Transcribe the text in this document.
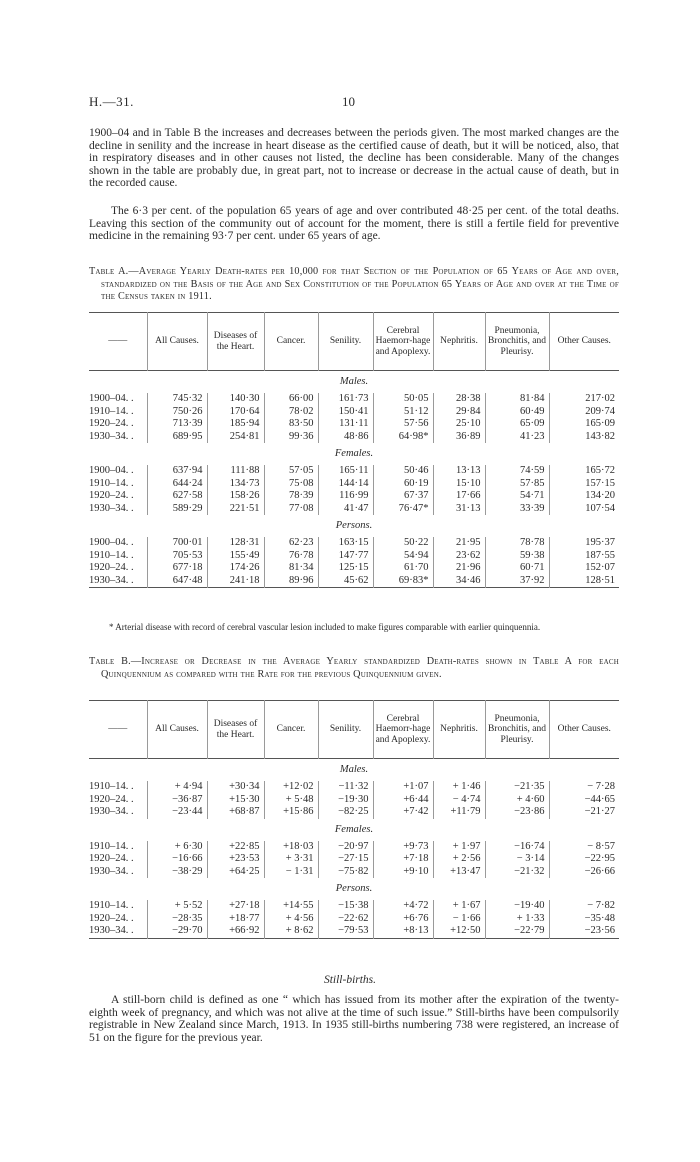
H.—31.	10

1900–04 and in Table B the increases and decreases between the periods given. The most marked changes are the decline in senility and the increase in heart disease as the certified cause of death, but it will be noticed, also, that in respiratory diseases and in other causes not listed, the decline has been considerable. Many of the changes shown in the table are probably due, in great part, not to increase or decrease in the actual cause of death, but in the recorded cause.

The 6·3 per cent. of the population 65 years of age and over contributed 48·25 per cent. of the total deaths. Leaving this section of the community out of account for the moment, there is still a fertile field for preventive medicine in the remaining 93·7 per cent. under 65 years of age.

Table A.—Average Yearly Death-rates per 10,000 for that Section of the Population of 65 Years of Age and over, standardized on the Basis of the Age and Sex Constitution of the Population 65 Years of Age and over at the Time of the Census taken in 1911.

——	All Causes.	Diseases of the Heart.	Cancer.	Senility.	Cerebral Haemorr-hage and Apoplexy.	Nephritis.	Pneumonia, Bronchitis, and Pleurisy.	Other Causes.
Males.								
1900–04. .	745·32	140·30	66·00	161·73	50·05	28·38	81·84	217·02
1910–14. .	750·26	170·64	78·02	150·41	51·12	29·84	60·49	209·74
1920–24. .	713·39	185·94	83·50	131·11	57·56	25·10	65·09	165·09
1930–34. .	689·95	254·81	99·36	48·86	64·98*	36·89	41·23	143·82
Females.								
1900–04. .	637·94	111·88	57·05	165·11	50·46	13·13	74·59	165·72
1910–14. .	644·24	134·73	75·08	144·14	60·19	15·10	57·85	157·15
1920–24. .	627·58	158·26	78·39	116·99	67·37	17·66	54·71	134·20
1930–34. .	589·29	221·51	77·08	41·47	76·47*	31·13	33·39	107·54
Persons.								
1900–04. .	700·01	128·31	62·23	163·15	50·22	21·95	78·78	195·37
1910–14. .	705·53	155·49	76·78	147·77	54·94	23·62	59·38	187·55
1920–24. .	677·18	174·26	81·34	125·15	61·70	21·96	60·71	152·07
1930–34. .	647·48	241·18	89·96	45·62	69·83*	34·46	37·92	128·51

* Arterial disease with record of cerebral vascular lesion included to make figures comparable with earlier quinquennia.

Table B.—Increase or Decrease in the Average Yearly standardized Death-rates shown in Table A for each Quinquennium as compared with the Rate for the previous Quinquennium given.

——	All Causes.	Diseases of the Heart.	Cancer.	Senility.	Cerebral Haemorr-hage and Apoplexy.	Nephritis.	Pneumonia, Bronchitis, and Pleurisy.	Other Causes.
Males.								
1910–14. .	+ 4·94	+30·34	+12·02	−11·32	+1·07	+ 1·46	−21·35	− 7·28
1920–24. .	−36·87	+15·30	+ 5·48	−19·30	+6·44	− 4·74	+ 4·60	−44·65
1930–34. .	−23·44	+68·87	+15·86	−82·25	+7·42	+11·79	−23·86	−21·27
Females.								
1910–14. .	+ 6·30	+22·85	+18·03	−20·97	+9·73	+ 1·97	−16·74	− 8·57
1920–24. .	−16·66	+23·53	+ 3·31	−27·15	+7·18	+ 2·56	− 3·14	−22·95
1930–34. .	−38·29	+64·25	− 1·31	−75·82	+9·10	+13·47	−21·32	−26·66
Persons.								
1910–14. .	+ 5·52	+27·18	+14·55	−15·38	+4·72	+ 1·67	−19·40	− 7·82
1920–24. .	−28·35	+18·77	+ 4·56	−22·62	+6·76	− 1·66	+ 1·33	−35·48
1930–34. .	−29·70	+66·92	+ 8·62	−79·53	+8·13	+12·50	−22·79	−23·56

Still-births.

A still-born child is defined as one “ which has issued from its mother after the expiration of the twenty-eighth week of pregnancy, and which was not alive at the time of such issue.” Still-births have been compulsorily registrable in New Zealand since March, 1913. In 1935 still-births numbering 738 were registered, an increase of 51 on the figure for the previous year.
